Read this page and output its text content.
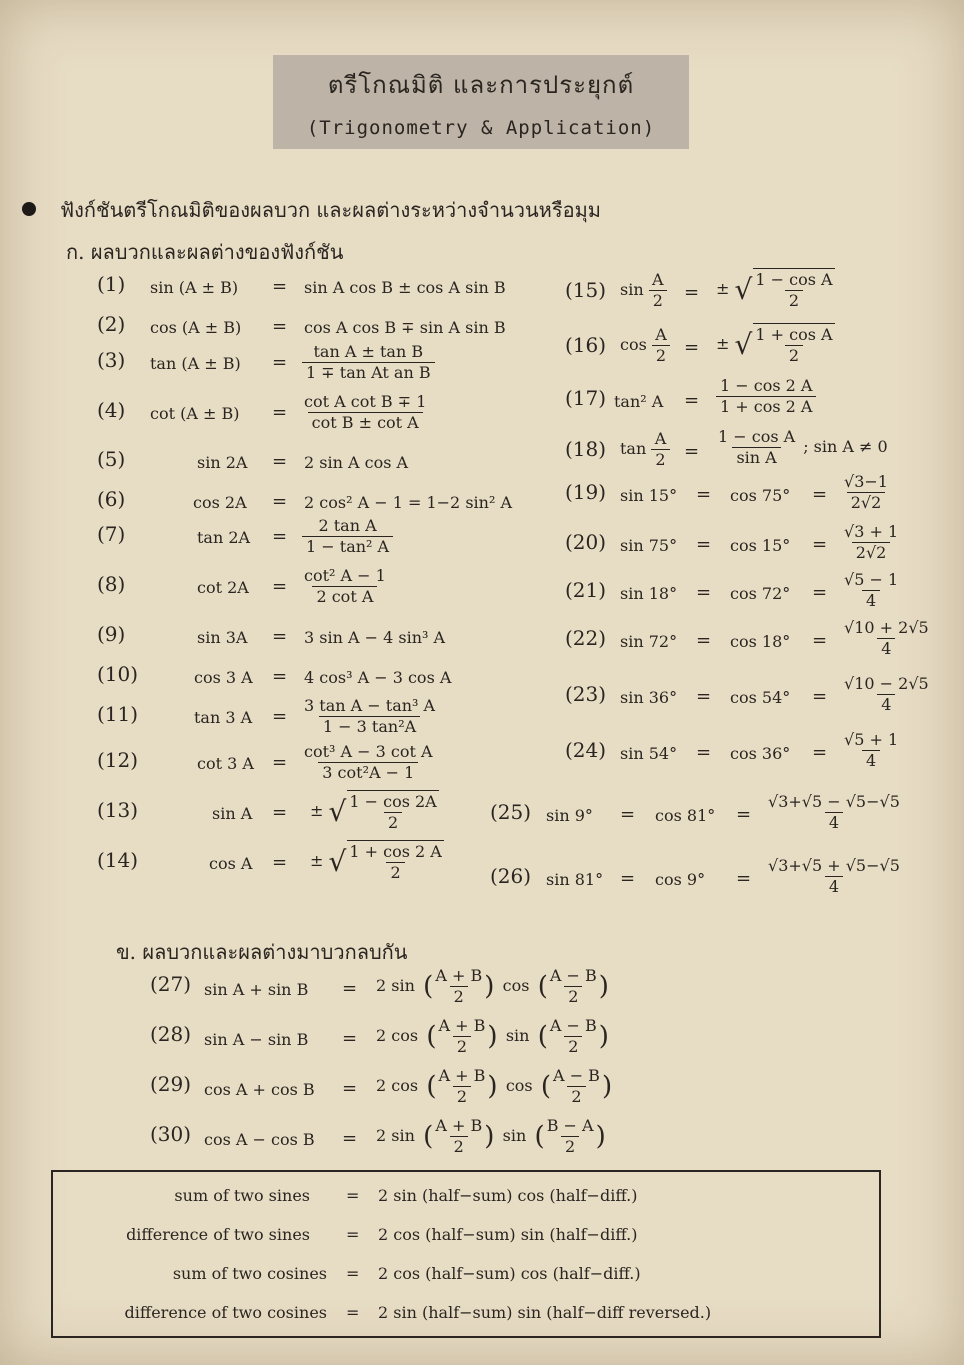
ตรีโกณมิติ และการประยุกต์
(Trigonometry & Application)
ฟังก์ชันตรีโกณมิติของผลบวก และผลต่างระหว่างจำนวนหรือมุม
ก. ผลบวกและผลต่างของฟังก์ชัน
ข. ผลบวกและผลต่างมาบวกลบกัน
(1) sin (A ± B) = sin A cos B ± cos A sin B
(2) cos (A ± B) = cos A cos B ∓ sin A sin B
(3) $\tan (A \pm B) = \frac{\text{tan A ± tan B}}{\text{1 ∓ tan At an B}}$
(4) $\cot (A \pm B) = \frac{\text{cot A cot B ∓ 1}}{\text{cot B ± cot A}}$
(5)	sin 2A = 2 sin A cos A
(6)	cos 2A = 2 cos² A − 1 = 1−2 sin² A
(7)	$\tan 2A = \frac{\text{2 tan A}}{\text{1 − tan² A}}$
(8)	$\cot 2A = \frac{\text{cot² A − 1}}{\text{2 cot A}}$
(9)	sin 3A = 3 sin A − 4 sin³ A
(10)	cos 3 A = 4 cos³ A − 3 cos A
(11)	tan 3 $A = \frac{\text{3 tan A − tan³ A}}{\text{1 − 3 tan²A}}$
(12)	cot 3 $A = \frac{\text{cot³ A − 3 cot A}}{\text{3 cot²A − 1}}$
(13)	sin A = ± √ $\frac{1 - \cos 2A}{2}$
(14)	cos A = ± √ $\frac{1 + \cos 2 A}{2}$
(15) $\sin \frac{A}{2}$ = ± √ $\frac{\text{1 − cos A}}{2}$
(16) $\cos \frac{A}{2}$ = ± √ $\frac{\text{1 + cos A}}{2}$
(17) tan² $A = \frac{1 - \cos 2 A}{1 + \cos 2 A}$
(18) $\tan \frac{A}{2} = \frac{\text{1 − cos A}}{\text{sin A}}$ ; sin A ≠ 0
(19) $\sin 15^\circ = \cos 75^\circ = \frac{√3-1}{2√2}$
(20) $\sin 75^\circ = \cos 15^\circ = \frac{√3 + 1}{2√2}$
(21) $\sin 18^\circ = \cos 72^\circ = \frac{√5 - 1}{4}$
(22) $\sin 72^\circ = \cos 18^\circ = \frac{√10 + 2√5}{4}$
(23) $\sin 36^\circ = \cos 54^\circ = \frac{√10 - 2√5}{4}$
(24) $\sin 54^\circ = \cos 36^\circ = \frac{√5 + 1}{4}$
(25) $\sin 9^\circ = \cos 81^\circ = \frac{√3+√5 - √5-√5}{4}$
(26) $\sin 81^\circ = \cos 9^\circ = \frac{√3+√5 + √5-√5}{4}$
(27) sin A + sin B = 2 sin ( $\frac{A + B}{2}$ ) cos ( $\frac{A - B}{2}$ )
(28) sin A − sin B = 2 cos ( $\frac{A + B}{2}$ ) sin ( $\frac{A - B}{2}$ )
(29) cos A + cos B = 2 cos ( $\frac{A + B}{2}$ ) cos ( $\frac{A - B}{2}$ )
(30) cos A − cos B = 2 sin ( $\frac{A + B}{2}$ ) sin ( $\frac{B - A}{2}$ )
sum of two sines = 2 sin (half−sum) cos (half−diff.)
difference of two sines = 2 cos (half−sum) sin (half−diff.)
sum of two cosines = 2 cos (half−sum) cos (half−diff.)
difference of two cosines = 2 sin (half−sum) sin (half−diff reversed.)
